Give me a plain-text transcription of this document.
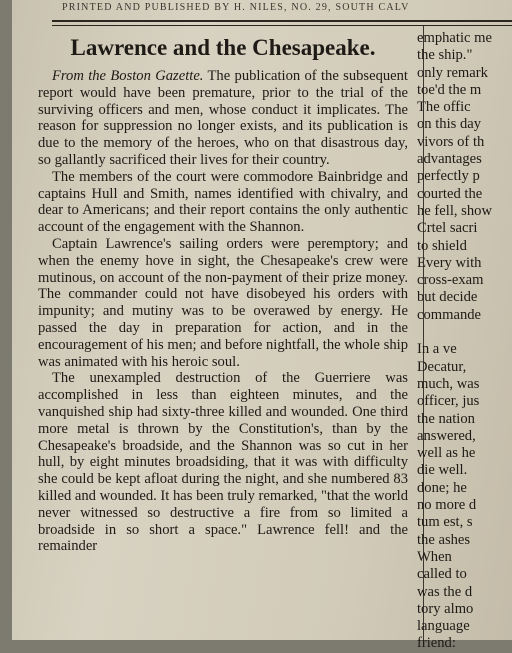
PRINTED AND PUBLISHED BY H. NILES, NO. 29, SOUTH CALV
Lawrence and the Chesapeake.

From the Boston Gazette. The publication of the subsequent report would have been premature, prior to the trial of the surviving officers and men, whose conduct it implicates. The reason for suppression no longer exists, and its publication is due to the memory of the heroes, who on that disastrous day, so gallantly sacrificed their lives for their country.

The members of the court were commodore Bainbridge and captains Hull and Smith, names identified with chivalry, and dear to Americans; and their report contains the only authentic account of the engagement with the Shannon.

Captain Lawrence's sailing orders were peremptory; and when the enemy hove in sight, the Chesapeake's crew were mutinous, on account of the non-payment of their prize money. The commander could not have disobeyed his orders with impunity; and mutiny was to be overawed by energy. He passed the day in preparation for action, and in the encouragement of his men; and before nightfall, the whole ship was animated with his heroic soul.

The unexampled destruction of the Guerriere was accomplished in less than eighteen minutes, and the vanquished ship had sixty-three killed and wounded. One third more metal is thrown by the Constitution's, than by the Chesapeake's broadside, and the Shannon was so cut in her hull, by eight minutes broadsiding, that it was with difficulty she could be kept afloat during the night, and she numbered 83 killed and wounded. It has been truly remarked, "that the world never witnessed so destructive a fire from so limited a broadside in so short a space." Lawrence fell! and the remainder

emphatic me
the ship."
only remark
toe'd the m
The offic
on this day
vivors of th
advantages
perfectly p
courted the
he fell, show
Crtel sacri
to shield
Every with
cross-exam
but decide
commande
In a ve
Decatur,
much, was
officer, jus
the nation
answered,
well as he
die well.
done; he
no more d
tum est, s
the ashes
When
called to
was the d
tory almo
language
friend:
